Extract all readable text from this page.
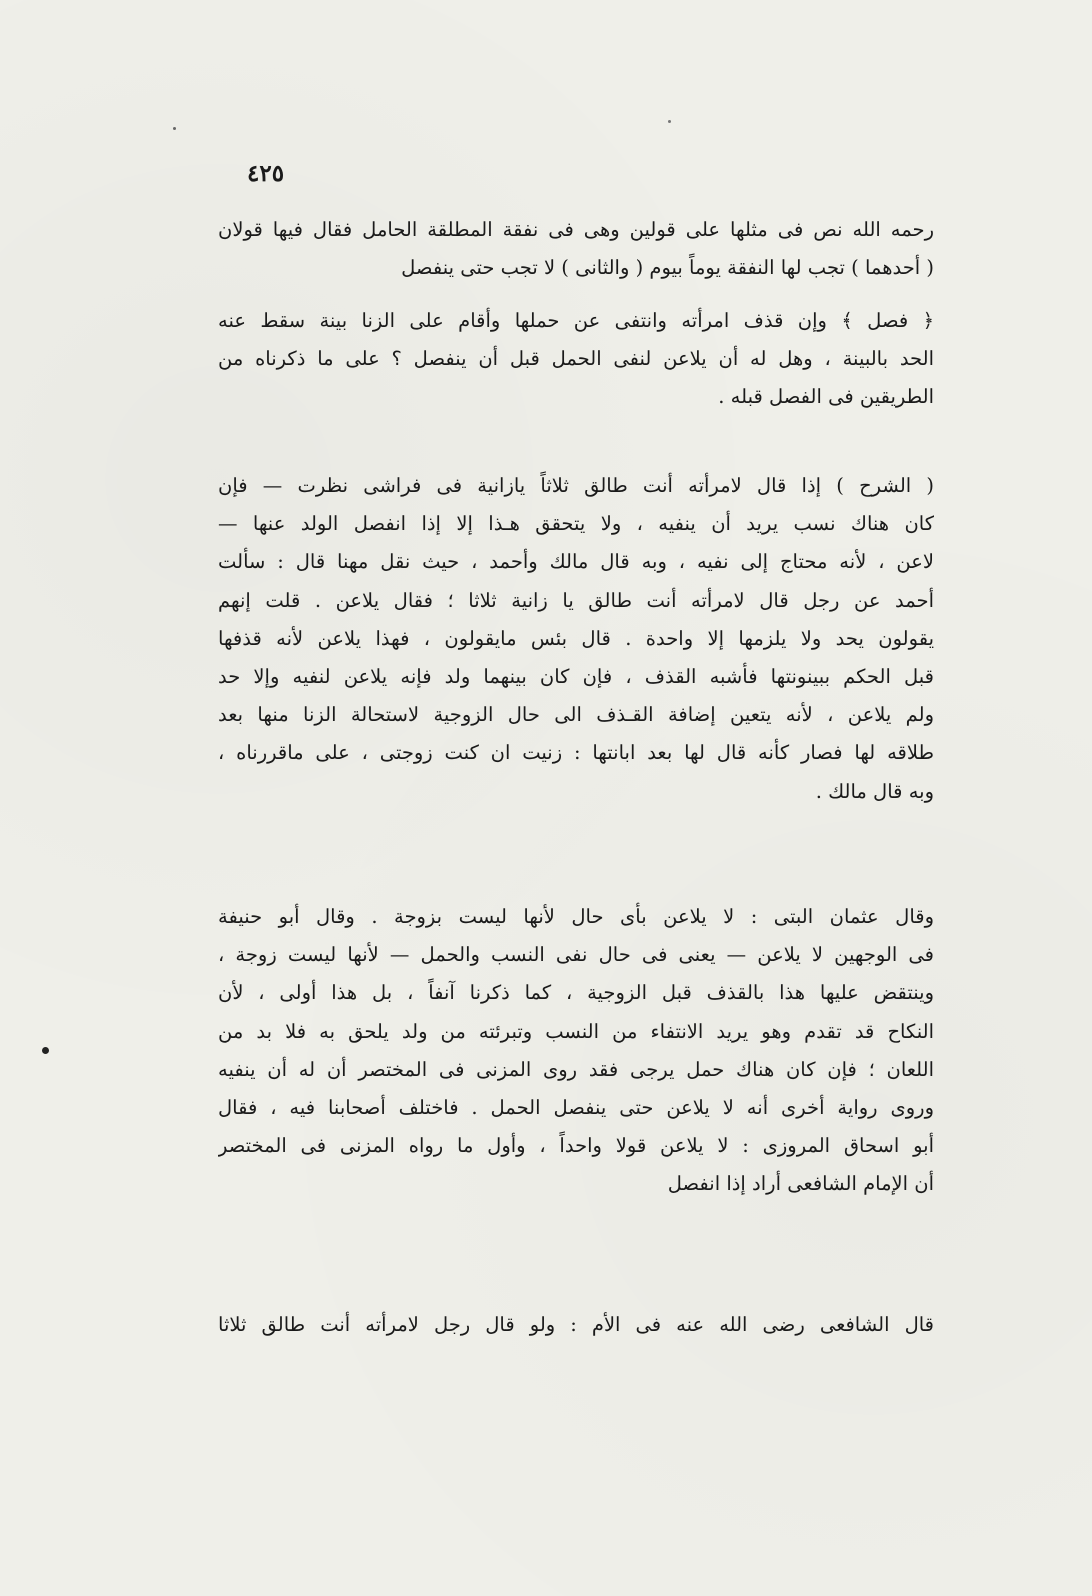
٤٢٥
رحمه الله نص فى مثلها على قولين وهى فى نفقة المطلقة الحامل فقال فيها قولان
( أحدهما ) تجب لها النفقة يوماً بيوم ( والثانى ) لا تجب حتى ينفصل
﴿ فصل ﴾ وإن قذف امرأته وانتفى عن حملها وأقام على الزنا بينة سقط عنه
الحد بالبينة ، وهل له أن يلاعن لنفى الحمل قبل أن ينفصل ؟ على ما ذكرناه من
الطريقين فى الفصل قبله .
( الشرح ) إذا قال لامرأته أنت طالق ثلاثاً يازانية فى فراشى نظرت — فإن
كان هناك نسب يريد أن ينفيه ، ولا يتحقق هـذا إلا إذا انفصل الولد عنها —
لاعن ، لأنه محتاج إلى نفيه ، وبه قال مالك وأحمد ، حيث نقل مهنا قال : سألت
أحمد عن رجل قال لامرأته أنت طالق يا زانية ثلاثا ؛ فقال يلاعن . قلت إنهم
يقولون يحد ولا يلزمها إلا واحدة . قال بئس مايقولون ، فهذا يلاعن لأنه قذفها
قبل الحكم ببينونتها فأشبه القذف ، فإن كان بينهما ولد فإنه يلاعن لنفيه وإلا حد
ولم يلاعن ، لأنه يتعين إضافة القـذف الى حال الزوجية لاستحالة الزنا منها بعد
طلاقه لها فصار كأنه قال لها بعد ابانتها : زنيت ان كنت زوجتى ، على ماقررناه ،
وبه قال مالك .
وقال عثمان البتى : لا يلاعن بأى حال لأنها ليست بزوجة . وقال أبو حنيفة
فى الوجهين لا يلاعن — يعنى فى حال نفى النسب والحمل — لأنها ليست زوجة ،
وينتقض عليها هذا بالقذف قبل الزوجية ، كما ذكرنا آنفاً ، بل هذا أولى ، لأن
النكاح قد تقدم وهو يريد الانتفاء من النسب وتبرئته من ولد يلحق به فلا بد من
اللعان ؛ فإن كان هناك حمل يرجى فقد روى المزنى فى المختصر أن له أن ينفيه
وروى رواية أخرى أنه لا يلاعن حتى ينفصل الحمل . فاختلف أصحابنا فيه ، فقال
أبو اسحاق المروزى : لا يلاعن قولا واحداً ، وأول ما رواه المزنى فى المختصر
أن الإمام الشافعى أراد إذا انفصل
قال الشافعى رضى الله عنه فى الأم : ولو قال رجل لامرأته أنت طالق ثلاثا
